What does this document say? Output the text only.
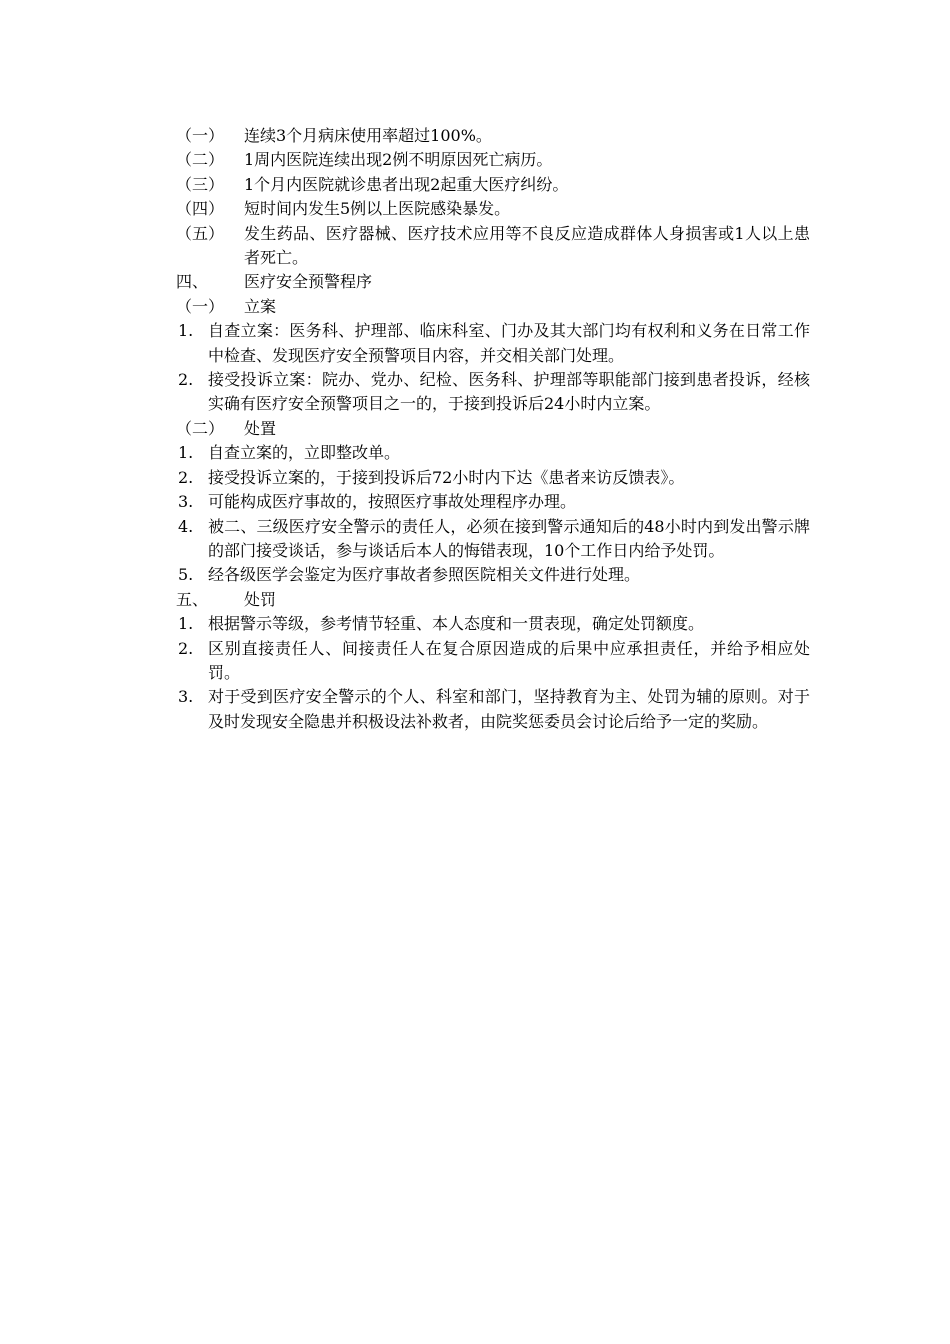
（一）	连续3个月病床使用率超过100%。
（二）	1周内医院连续出现2例不明原因死亡病历。
（三）	1个月内医院就诊患者出现2起重大医疗纠纷。
（四）	短时间内发生5例以上医院感染暴发。
（五）	发生药品、医疗器械、医疗技术应用等不良反应造成群体人身损害或1人以上患者死亡。
四、	医疗安全预警程序
（一）	立案
1. 自查立案：医务科、护理部、临床科室、门办及其大部门均有权利和义务在日常工作中检查、发现医疗安全预警项目内容，并交相关部门处理。
2. 接受投诉立案：院办、党办、纪检、医务科、护理部等职能部门接到患者投诉，经核实确有医疗安全预警项目之一的，于接到投诉后24小时内立案。
（二）	处置
1. 自查立案的，立即整改单。
2. 接受投诉立案的，于接到投诉后72小时内下达《患者来访反馈表》。
3. 可能构成医疗事故的，按照医疗事故处理程序办理。
4. 被二、三级医疗安全警示的责任人，必须在接到警示通知后的48小时内到发出警示牌的部门接受谈话，参与谈话后本人的悔错表现，10个工作日内给予处罚。
5. 经各级医学会鉴定为医疗事故者参照医院相关文件进行处理。
五、	处罚
1. 根据警示等级，参考情节轻重、本人态度和一贯表现，确定处罚额度。
2. 区别直接责任人、间接责任人在复合原因造成的后果中应承担责任，并给予相应处罚。
3. 对于受到医疗安全警示的个人、科室和部门，坚持教育为主、处罚为辅的原则。对于及时发现安全隐患并积极设法补救者，由院奖惩委员会讨论后给予一定的奖励。
